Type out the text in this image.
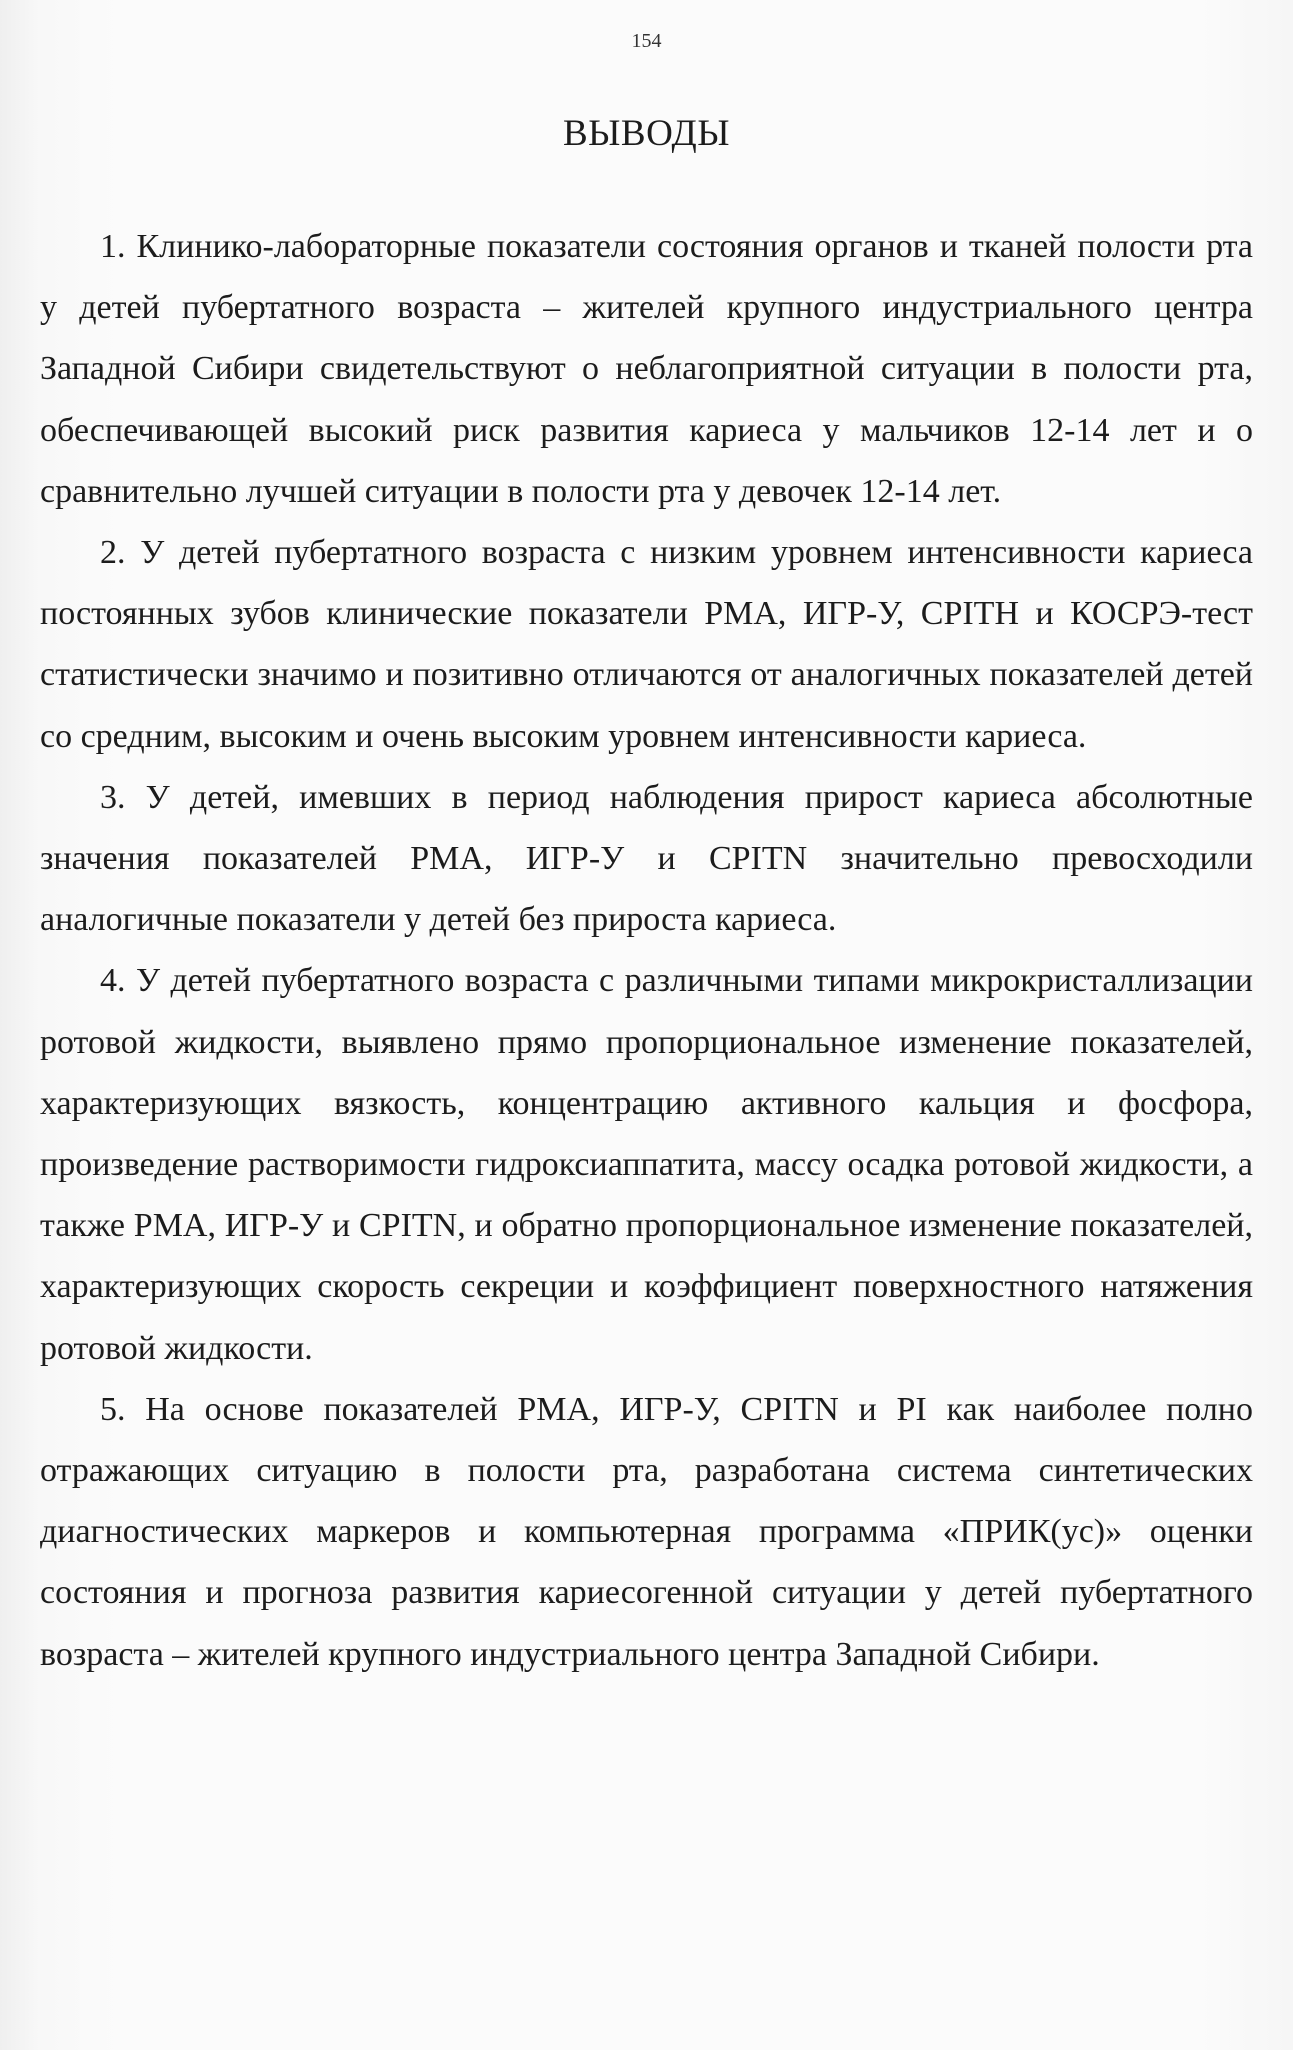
154
ВЫВОДЫ

1. Клинико-лабораторные показатели состояния органов и тканей полости рта у детей пубертатного возраста – жителей крупного индустриального центра Западной Сибири свидетельствуют о неблагоприятной ситуации в полости рта, обеспечивающей высокий риск развития кариеса у мальчиков 12-14 лет и о сравнительно лучшей ситуации в полости рта у девочек 12-14 лет.

2. У детей пубертатного возраста с низким уровнем интенсивности кариеса постоянных зубов клинические показатели РМА, ИГР-У, CPITH и КОСРЭ-тест статистически значимо и позитивно отличаются от аналогичных показателей детей со средним, высоким и очень высоким уровнем интенсивности кариеса.

3. У детей, имевших в период наблюдения прирост кариеса абсолютные значения показателей РМА, ИГР-У и CPITN значительно превосходили аналогичные показатели у детей без прироста кариеса.

4. У детей пубертатного возраста с различными типами микрокристаллизации ротовой жидкости, выявлено прямо пропорциональное изменение показателей, характеризующих вязкость, концентрацию активного кальция и фосфора, произведение растворимости гидроксиаппатита, массу осадка ротовой жидкости, а также РМА, ИГР-У и CPITN, и обратно пропорциональное изменение показателей, характеризующих скорость секреции и коэффициент поверхностного натяжения ротовой жидкости.

5. На основе показателей РМА, ИГР-У, CPITN и PI как наиболее полно отражающих ситуацию в полости рта, разработана система синтетических диагностических маркеров и компьютерная программа «ПРИК(ус)» оценки состояния и прогноза развития кариесогенной ситуации у детей пубертатного возраста – жителей крупного индустриального центра Западной Сибири.
